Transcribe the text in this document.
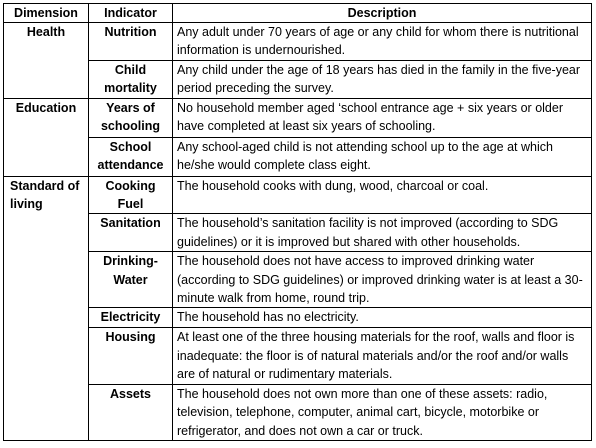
Dimension	Indicator	Description
Health	Nutrition	Any adult under 70 years of age or any child for whom there is nutritional information is undernourished.
	Child mortality	Any child under the age of 18 years has died in the family in the five-year period preceding the survey.
Education	Years of schooling	No household member aged ‘school entrance age + six years or older have completed at least six years of schooling.
	School attendance	Any school-aged child is not attending school up to the age at which he/she would complete class eight.
Standard of living	Cooking Fuel	The household cooks with dung, wood, charcoal or coal.
	Sanitation	The household’s sanitation facility is not improved (according to SDG guidelines) or it is improved but shared with other households.
	Drinking-Water	The household does not have access to improved drinking water (according to SDG guidelines) or improved drinking water is at least a 30-minute walk from home, round trip.
	Electricity	The household has no electricity.
	Housing	At least one of the three housing materials for the roof, walls and floor is inadequate: the floor is of natural materials and/or the roof and/or walls are of natural or rudimentary materials.
	Assets	The household does not own more than one of these assets: radio, television, telephone, computer, animal cart, bicycle, motorbike or refrigerator, and does not own a car or truck.
